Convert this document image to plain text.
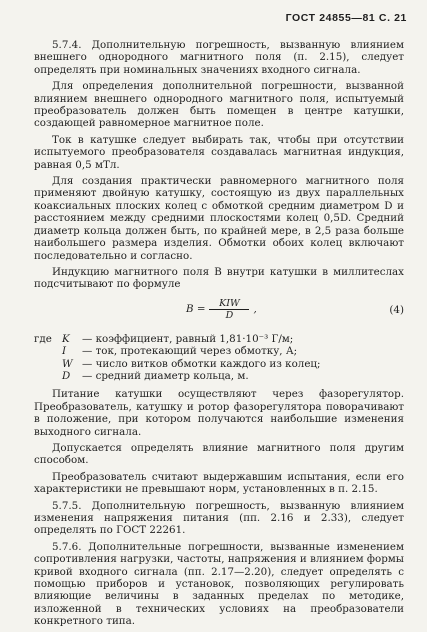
ГОСТ 24855—81 С. 21

5.7.4. Дополнительную погрешность, вызванную влиянием внешнего однородного магнитного поля (п. 2.15), следует определять при номинальных значениях входного сигнала.

Для определения дополнительной погрешности, вызванной влиянием внешнего однородного магнитного поля, испытуемый преобразователь должен быть помещен в центре катушки, создающей равномерное магнитное поле.

Ток в катушке следует выбирать так, чтобы при отсутствии испытуемого преобразователя создавалась магнитная индукция, равная 0,5 мТл.

Для создания практически равномерного магнитного поля применяют двойную катушку, состоящую из двух параллельных коаксиальных плоских колец с обмоткой средним диаметром D и расстоянием между средними плоскостями колец 0,5D. Средний диаметр кольца должен быть, по крайней мере, в 2,5 раза больше наибольшего размера изделия. Обмотки обоих колец включают последовательно и согласно.

Индукцию магнитного поля B внутри катушки в миллитеслах подсчитывают по формуле

$B = \frac{\text{KIW}}{D}$ ,	(4)
где K	— коэффициент, равный 1,81·10⁻³ Г/м;
I	— ток, протекающий через обмотку, А;
W — число витков обмотки каждого из колец;
D	— средний диаметр кольца, м.

Питание катушки осуществляют через фазорегулятор. Преобразователь, катушку и ротор фазорегулятора поворачивают в положение, при котором получаются наибольшие изменения выходного сигнала.

Допускается определять влияние магнитного поля другим способом.

Преобразователь считают выдержавшим испытания, если его характеристики не превышают норм, установленных в п. 2.15.

5.7.5. Дополнительную погрешность, вызванную влиянием изменения напряжения питания (пп. 2.16 и 2.33), следует определять по ГОСТ 22261.

5.7.6. Дополнительные погрешности, вызванные изменением сопротивления нагрузки, частоты, напряжения и влиянием формы кривой входного сигнала (пп. 2.17—2.20), следует определять с помощью приборов и установок, позволяющих регулировать влияющие величины в заданных пределах по методике, изложенной в технических условиях на преобразователи конкретного типа.
